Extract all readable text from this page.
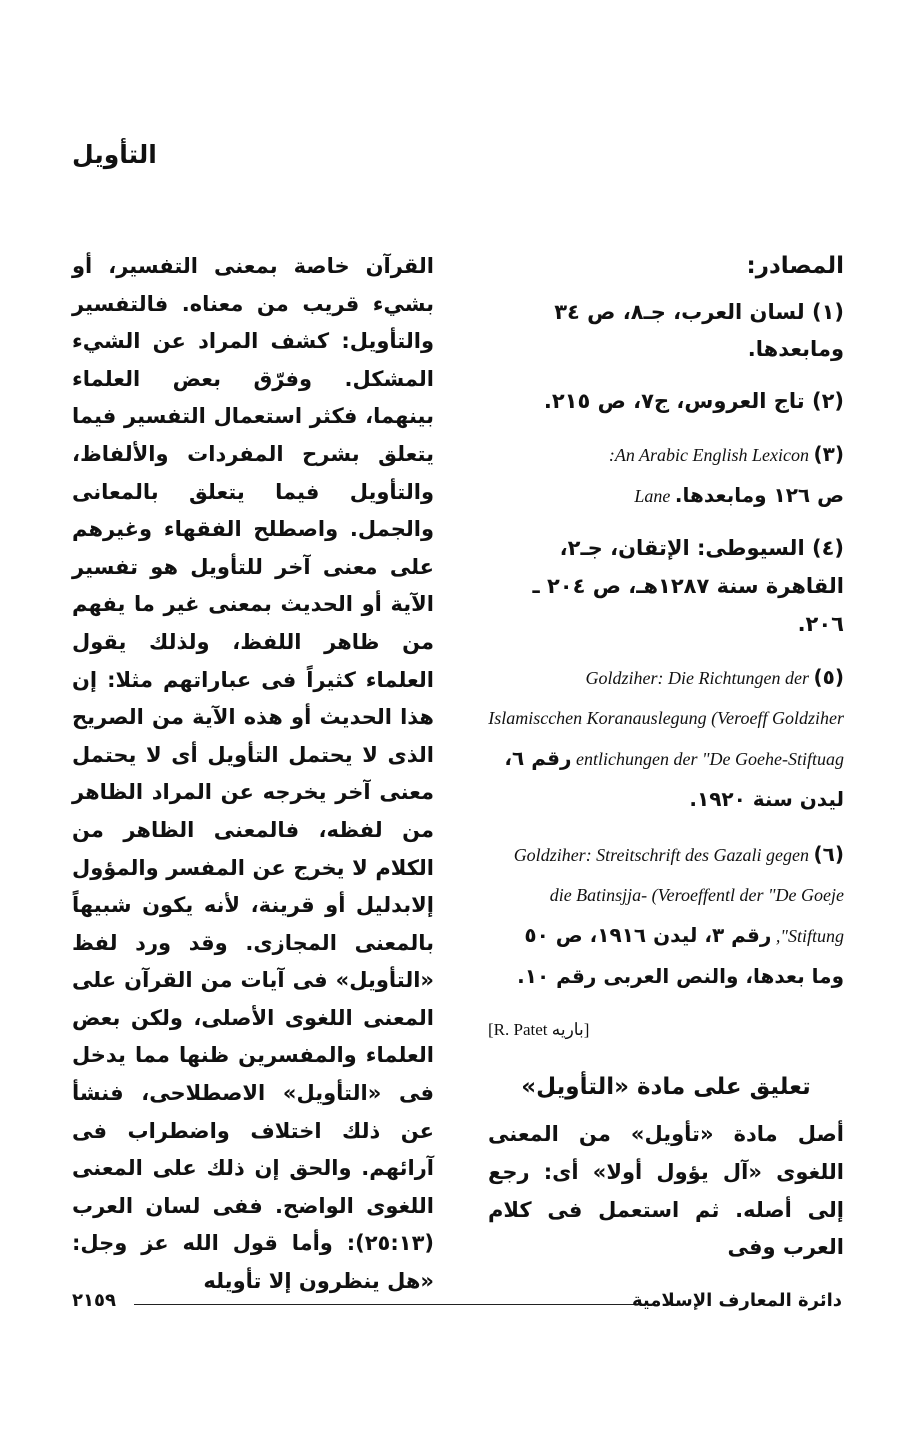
التأويل

القرآن خاصة بمعنى التفسير، أو بشيء قريب من معناه. فالتفسير والتأويل: كشف المراد عن الشيء المشكل. وفرّق بعض العلماء بينهما، فكثر استعمال التفسير فيما يتعلق بشرح المفردات والألفاظ، والتأويل فيما يتعلق بالمعانى والجمل. واصطلح الفقهاء وغيرهم على معنى آخر للتأويل هو تفسير الآية أو الحديث بمعنى غير ما يفهم من ظاهر اللفظ، ولذلك يقول العلماء كثيراً فى عباراتهم مثلا: إن هذا الحديث أو هذه الآية من الصريح الذى لا يحتمل التأويل أى لا يحتمل معنى آخر يخرجه عن المراد الظاهر من لفظه، فالمعنى الظاهر من الكلام لا يخرج عن المفسر والمؤول إلابدليل أو قرينة، لأنه يكون شبيهاً بالمعنى المجازى. وقد ورد لفظ «التأويل» فى آيات من القرآن على المعنى اللغوى الأصلى، ولكن بعض العلماء والمفسرين ظنها مما يدخل فى «التأويل» الاصطلاحى، فنشأ عن ذلك اختلاف واضطراب فى آرائهم. والحق إن ذلك على المعنى اللغوى الواضح. ففى لسان العرب (٢٥:١٣): وأما قول الله عز وجل: «هل ينظرون إلا تأويله

المصادر:
(١) لسان العرب، جـ٨، ص ٣٤ ومابعدها.
(٢) تاج العروس، ج٧، ص ٢١٥.
(٣) An Arabic English Lexicon:
ص ١٢٦ ومابعدها. Lane
(٤) السيوطى: الإتقان، جـ٢، القاهرة سنة ١٢٨٧هـ، ص ٢٠٤ ـ ٢٠٦.
(٥) Goldziher: Die Richtungen der Islamiscchen Koranauslegung (Veroeff Goldziher entlichungen der "De Goehe-Stiftuag رقم ٦، ليدن سنة ١٩٢٠.
(٦) Goldziher: Streitschrift des Gazali gegen die Batinsjja- (Veroeffentl der "De Goeje Stiftung", رقم ٣، ليدن ١٩١٦، ص ٥٠ وما بعدها، والنص العربى رقم ١٠.
[R. Patet باريه]
تعليق على مادة «التأويل»

أصل مادة «تأويل» من المعنى اللغوى «آل يؤول أولا» أى: رجع إلى أصله. ثم استعمل فى كلام العرب وفى

٢١٥٩	دائرة المعارف الإسلامية
